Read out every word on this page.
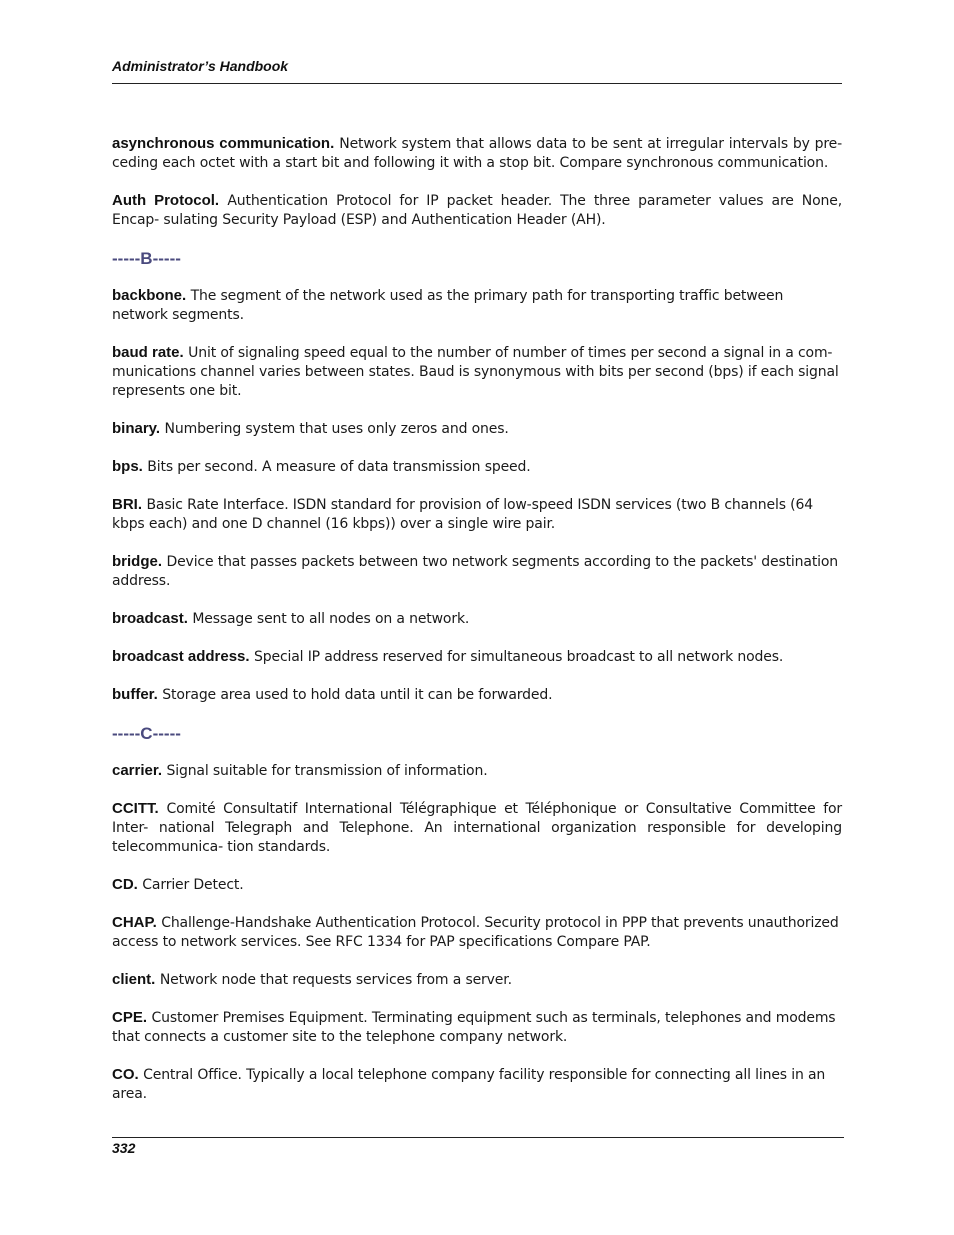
Administrator’s Handbook

asynchronous communication. Network system that allows data to be sent at irregular intervals by pre- ceding each octet with a start bit and following it with a stop bit. Compare synchronous communication.

Auth Protocol. Authentication Protocol for IP packet header. The three parameter values are None, Encap- sulating Security Payload (ESP) and Authentication Header (AH).

-----B-----

backbone. The segment of the network used as the primary path for transporting traffic between network segments.

baud rate. Unit of signaling speed equal to the number of number of times per second a signal in a com- munications channel varies between states. Baud is synonymous with bits per second (bps) if each signal represents one bit.

binary. Numbering system that uses only zeros and ones.

bps. Bits per second. A measure of data transmission speed.

BRI. Basic Rate Interface. ISDN standard for provision of low-speed ISDN services (two B channels (64 kbps each) and one D channel (16 kbps)) over a single wire pair.

bridge. Device that passes packets between two network segments according to the packets' destination address.

broadcast. Message sent to all nodes on a network.

broadcast address. Special IP address reserved for simultaneous broadcast to all network nodes.

buffer. Storage area used to hold data until it can be forwarded.

-----C-----

carrier. Signal suitable for transmission of information.

CCITT. Comité Consultatif International Télégraphique et Téléphonique or Consultative Committee for Inter- national Telegraph and Telephone. An international organization responsible for developing telecommunica- tion standards.

CD. Carrier Detect.

CHAP. Challenge-Handshake Authentication Protocol. Security protocol in PPP that prevents unauthorized access to network services. See RFC 1334 for PAP specifications Compare PAP.

client. Network node that requests services from a server.

CPE. Customer Premises Equipment. Terminating equipment such as terminals, telephones and modems that connects a customer site to the telephone company network.

CO. Central Office. Typically a local telephone company facility responsible for connecting all lines in an area.

332
